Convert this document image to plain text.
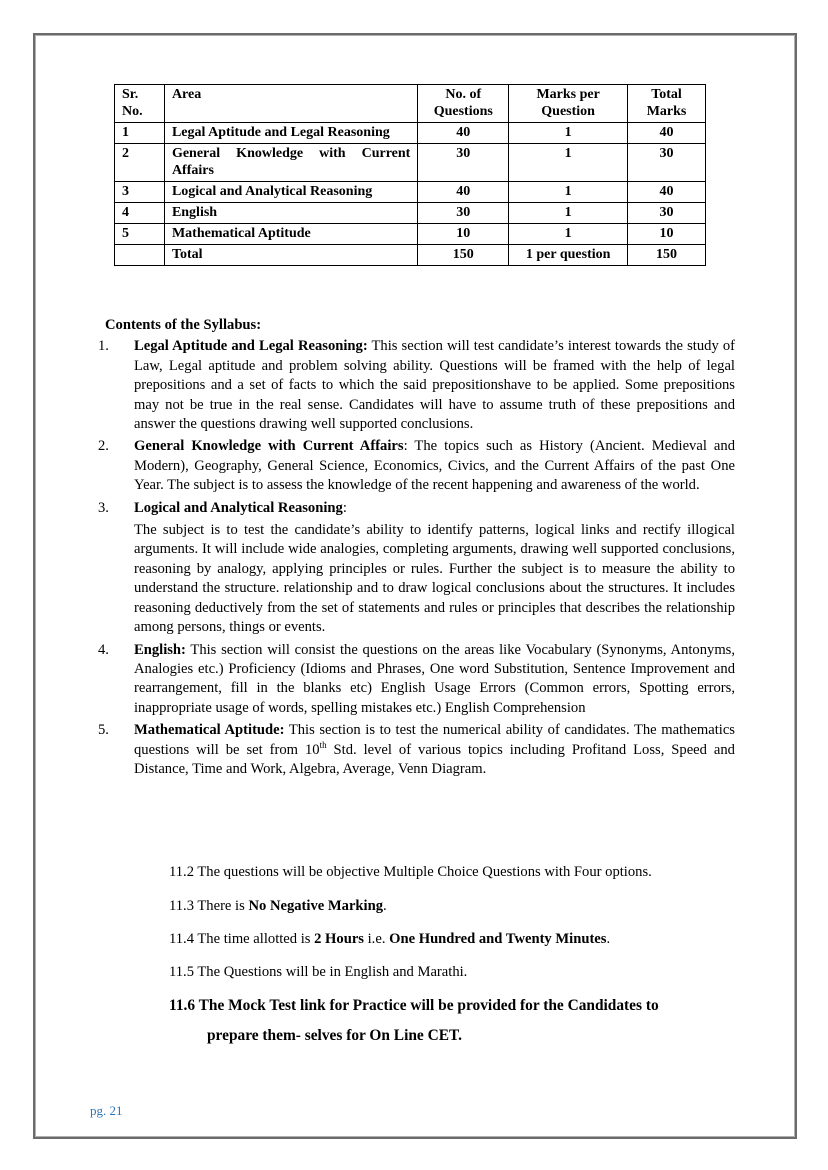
Sr. No.	Area	No. of Questions	Marks per Question	Total Marks
1	Legal Aptitude and Legal Reasoning	40	1	40
2	General Knowledge with Current Affairs	30	1	30
3	Logical and Analytical Reasoning	40	1	40
4	English	30	1	30
5	Mathematical Aptitude	10	1	10
	Total	150	1 per question	150

Contents of the Syllabus:

1. Legal Aptitude and Legal Reasoning: This section will test candidate’s interest towards the study of Law, Legal aptitude and problem solving ability. Questions will be framed with the help of legal prepositions and a set of facts to which the said prepositionshave to be applied. Some prepositions may not be true in the real sense. Candidates will have to assume truth of these prepositions and answer the questions drawing well supported conclusions.
2. General Knowledge with Current Affairs: The topics such as History (Ancient. Medieval and Modern), Geography, General Science, Economics, Civics, and the Current Affairs of the past One Year. The subject is to assess the knowledge of the recent happening and awareness of the world.
3. Logical and Analytical Reasoning:
The subject is to test the candidate’s ability to identify patterns, logical links and rectify illogical arguments. It will include wide analogies, completing arguments, drawing well supported conclusions, reasoning by analogy, applying principles or rules. Further the subject is to measure the ability to understand the structure. relationship and to draw logical conclusions about the structures. It includes reasoning deductively from the set of statements and rules or principles that describes the relationship among persons, things or events.
4. English: This section will consist the questions on the areas like Vocabulary (Synonyms, Antonyms, Analogies etc.) Proficiency (Idioms and Phrases, One word Substitution, Sentence Improvement and rearrangement, fill in the blanks etc) English Usage Errors (Common errors, Spotting errors, inappropriate usage of words, spelling mistakes etc.) English Comprehension
5. Mathematical Aptitude: This section is to test the numerical ability of candidates. The mathematics questions will be set from 10th Std. level of various topics including Profitand Loss, Speed and Distance, Time and Work, Algebra, Average, Venn Diagram.
11.2 The questions will be objective Multiple Choice Questions with Four options.
11.3 There is No Negative Marking.
11.4 The time allotted is 2 Hours i.e. One Hundred and Twenty Minutes.
11.5 The Questions will be in English and Marathi.
11.6 The Mock Test link for Practice will be provided for the Candidates to
prepare them- selves for On Line CET.
pg. 21
